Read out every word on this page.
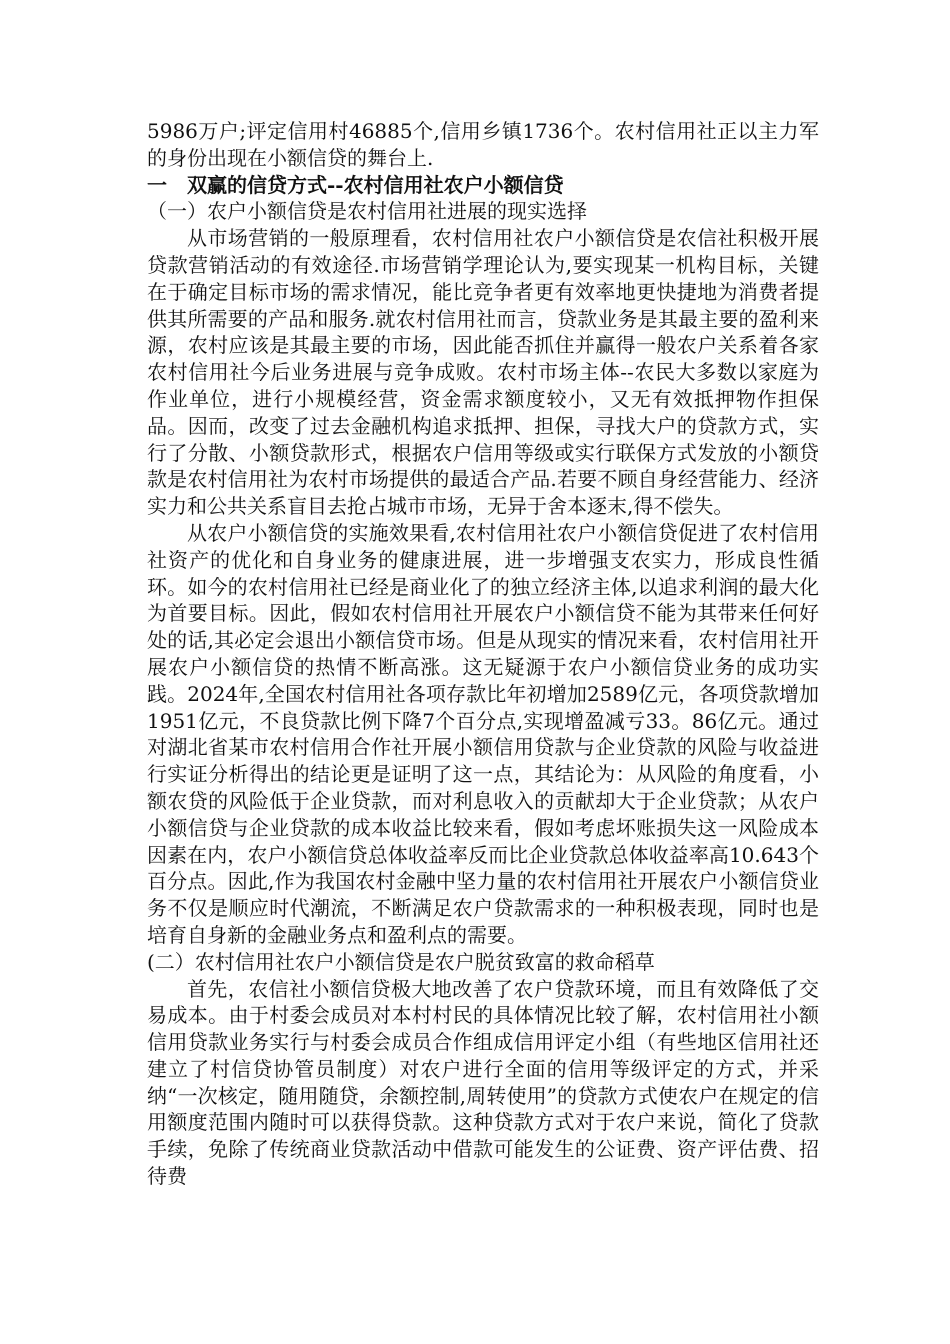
5986万户;评定信用村46885个,信用乡镇1736个。农村信用社正以主力军的身份出现在小额信贷的舞台上.

一 双赢的信贷方式--农村信用社农户小额信贷

（一）农户小额信贷是农村信用社进展的现实选择

从市场营销的一般原理看，农村信用社农户小额信贷是农信社积极开展贷款营销活动的有效途径.市场营销学理论认为,要实现某一机构目标，关键在于确定目标市场的需求情况，能比竞争者更有效率地更快捷地为消费者提供其所需要的产品和服务.就农村信用社而言，贷款业务是其最主要的盈利来源，农村应该是其最主要的市场，因此能否抓住并赢得一般农户关系着各家农村信用社今后业务进展与竞争成败。农村市场主体--农民大多数以家庭为作业单位，进行小规模经营，资金需求额度较小，又无有效抵押物作担保品。因而，改变了过去金融机构追求抵押、担保，寻找大户的贷款方式，实行了分散、小额贷款形式，根据农户信用等级或实行联保方式发放的小额贷款是农村信用社为农村市场提供的最适合产品.若要不顾自身经营能力、经济实力和公共关系盲目去抢占城市市场，无异于舍本逐末,得不偿失。

从农户小额信贷的实施效果看,农村信用社农户小额信贷促进了农村信用社资产的优化和自身业务的健康进展，进一步增强支农实力，形成良性循环。如今的农村信用社已经是商业化了的独立经济主体,以追求利润的最大化为首要目标。因此，假如农村信用社开展农户小额信贷不能为其带来任何好处的话,其必定会退出小额信贷市场。但是从现实的情况来看，农村信用社开展农户小额信贷的热情不断高涨。这无疑源于农户小额信贷业务的成功实践。2024年,全国农村信用社各项存款比年初增加2589亿元，各项贷款增加1951亿元，不良贷款比例下降7个百分点,实现增盈减亏33。86亿元。通过对湖北省某市农村信用合作社开展小额信用贷款与企业贷款的风险与收益进行实证分析得出的结论更是证明了这一点，其结论为：从风险的角度看，小额农贷的风险低于企业贷款，而对利息收入的贡献却大于企业贷款；从农户小额信贷与企业贷款的成本收益比较来看，假如考虑坏账损失这一风险成本因素在内，农户小额信贷总体收益率反而比企业贷款总体收益率高10.643个百分点。因此,作为我国农村金融中坚力量的农村信用社开展农户小额信贷业务不仅是顺应时代潮流，不断满足农户贷款需求的一种积极表现，同时也是培育自身新的金融业务点和盈利点的需要。

(二）农村信用社农户小额信贷是农户脱贫致富的救命稻草

首先，农信社小额信贷极大地改善了农户贷款环境，而且有效降低了交易成本。由于村委会成员对本村村民的具体情况比较了解，农村信用社小额信用贷款业务实行与村委会成员合作组成信用评定小组（有些地区信用社还建立了村信贷协管员制度）对农户进行全面的信用等级评定的方式，并采纳“一次核定，随用随贷，余额控制,周转使用”的贷款方式使农户在规定的信用额度范围内随时可以获得贷款。这种贷款方式对于农户来说，简化了贷款手续，免除了传统商业贷款活动中借款可能发生的公证费、资产评估费、招待费
